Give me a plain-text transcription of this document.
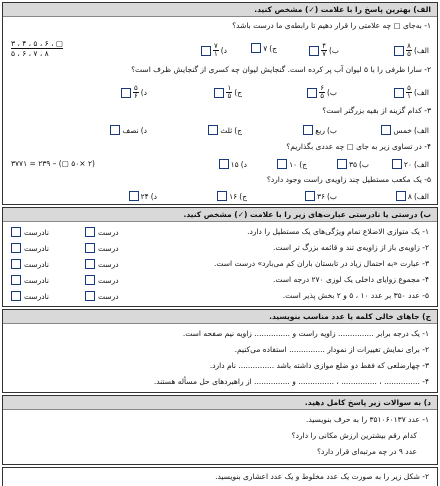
الف) بهترین پاسخ را با علامت (✓) مشخص کنید.
۱- به‌جای ▢ چه علامتی را قرار دهیم تا رابطه‌ی ما درست باشد؟
الف)
$\frac{۸}{۵}$
ب)
$\frac{۴}{۷}$
ج)
۷
د)
$\frac{۷}{۱}$
۳ ، ۴ ، ۵ ، ۶ ، ▢
۵ ، ۶ ، ۷ ، ۸
۲- سارا ظرفی را با ۵ لیوان آب پر کرده است. گنجایش لیوان چه کسری از گنجایش ظرف است؟
الف)
$\frac{۵}{۱}$
ب)
$\frac{۶}{۵}$
ج)
$\frac{۱}{۵}$
د)
$\frac{۵}{۶}$
۳- کدام گزینه از بقیه بزرگتر است؟
الف)
خمس
ب)
ربع
ج)
ثلث
د)
نصف
۴- در تساوی زیر به جای ▢ چه عددی بگذاریم؟
الف)
۲۰
ب)
۳۵
ج)
۱۰
د)
۱۵
(۲ ×۵۰ ▢) – ۲۳۹ = ۳۷۷۱
۵- یک مکعب مستطیل چند زاویه‌ی راست وجود دارد؟
الف)
۸
ب)
۳۶
ج)
۱۶
د)
۲۴
ب) درستی یا نادرستی عبارت‌های زیر را با علامت (✓) مشخص کنید.
۱- یک متوازی الاضلاع تمام ویژگی‌های یک مستطیل را دارد.
درست
نادرست
۲- زاویه‌ی باز از زاویه‌ی تند و قائمه بزرگ تر است.
درست
نادرست
۳- عبارت «به احتمال زیاد در تابستان باران کم می‌بارد» درست است.
درست
نادرست
۴- مجموع زوایای داخلی یک لوزی ۲۷۰ درجه است.
درست
نادرست
۵- عدد ۳۵۰ بر عدد ۱۰ ، ۵ و ۲ بخش پذیر است.
درست
نادرست
ج) جاهای خالی کلمه یا عدد مناسب بنویسید.
۱- یک درجه برابر ............... زاویه راست و ............... زاویه نیم صفحه است.
۲- برای نمایش تغییرات از نمودار ............... استفاده می‌کنیم.
۳- چهارضلعی که فقط دو ضلع موازی داشته باشد ............... نام دارد.
۴- ............... ، ............... ، ............... و ............... از راهبردهای حل مسأله هستند.
د) به سوالات زیر پاسخ کامل دهید.
۱- عدد ۳۵۱۰۶۰۱۳۷ را به حرف بنویسید.
کدام رقم بیشترین ارزش مکانی را دارد؟
عدد ۹ در چه مرتبه‌ای قرار دارد؟
۲- شکل زیر را به صورت یک عدد مخلوط و یک عدد اعشاری بنویسید.
